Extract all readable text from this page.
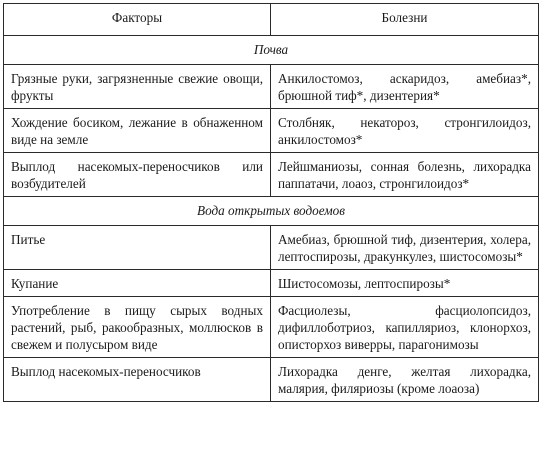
Факторы	Болезни
Почва	
Грязные руки, загрязненные свежие овощи, фрукты	Анкилостомоз, аскаридоз, амебиаз*, брюшной тиф*, дизентерия*
Хождение босиком, лежание в обнаженном виде на земле	Столбняк, некатороз, стронгилоидоз, анкилостомоз*
Выплод насекомых-переносчиков или возбудителей	Лейшманиозы, сонная болезнь, лихорадка паппатачи, лоаоз, стронгилоидоз*
Вода открытых водоемов	
Питье	Амебиаз, брюшной тиф, дизентерия, холера, лептоспирозы, дракункулез, шистосомозы*
Купание	Шистосомозы, лептоспирозы*
Употребление в пищу сырых водных растений, рыб, ракообразных, моллюсков в свежем и полусыром виде	Фасциолезы, фасциолопсидоз, дифиллоботриоз, капилляриоз, клонорхоз, описторхоз виверры, парагонимозы
Выплод насекомых-переносчиков	Лихорадка денге, желтая лихорадка, малярия, филяриозы (кроме лоаоза)
